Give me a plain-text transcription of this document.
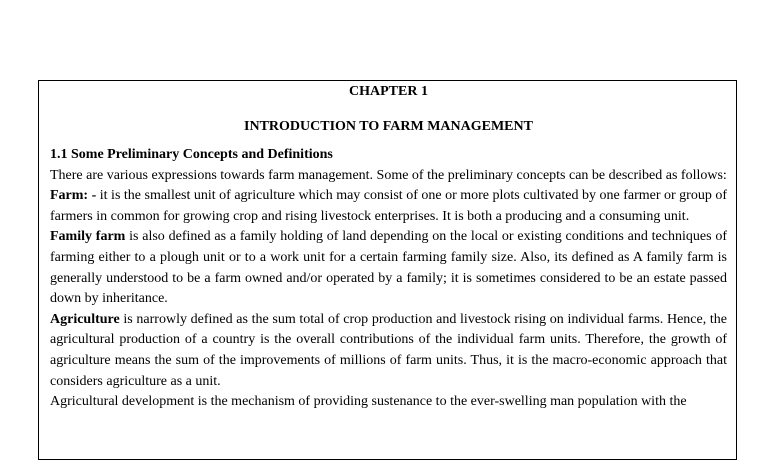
CHAPTER 1

INTRODUCTION TO FARM MANAGEMENT

1.1 Some Preliminary Concepts and Definitions

There are various expressions towards farm management. Some of the preliminary concepts can be described as follows:

Farm: - it is the smallest unit of agriculture which may consist of one or more plots cultivated by one farmer or group of farmers in common for growing crop and rising livestock enterprises. It is both a producing and a consuming unit.

Family farm is also defined as a family holding of land depending on the local or existing conditions and techniques of farming either to a plough unit or to a work unit for a certain farming family size. Also, its defined as A family farm is generally understood to be a farm owned and/or operated by a family; it is sometimes considered to be an estate passed down by inheritance.

Agriculture is narrowly defined as the sum total of crop production and livestock rising on individual farms. Hence, the agricultural production of a country is the overall contributions of the individual farm units. Therefore, the growth of agriculture means the sum of the improvements of millions of farm units. Thus, it is the macro-economic approach that considers agriculture as a unit.

Agricultural development is the mechanism of providing sustenance to the ever-swelling man population with the
